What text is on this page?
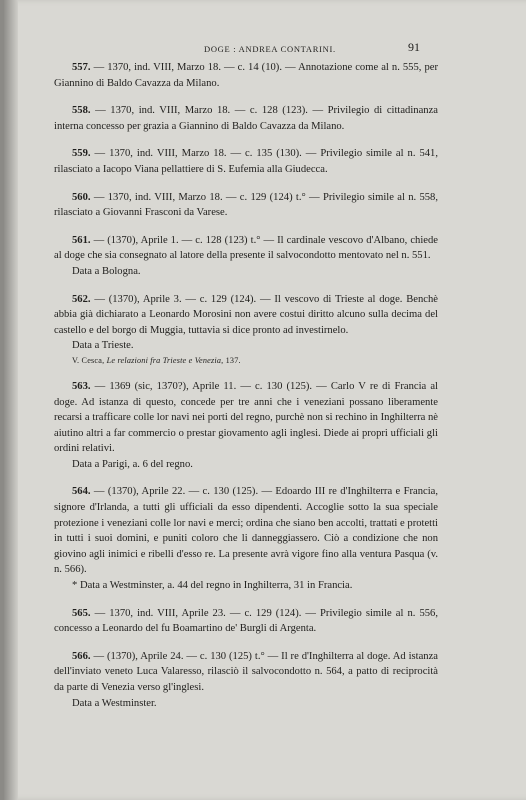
DOGE : ANDREA CONTARINI.	91

557. — 1370, ind. VIII, Marzo 18. — c. 14 (10). — Annotazione come al n. 555, per Giannino di Baldo Cavazza da Milano.

558. — 1370, ind. VIII, Marzo 18. — c. 128 (123). — Privilegio di cittadinanza interna concesso per grazia a Giannino di Baldo Cavazza da Milano.

559. — 1370, ind. VIII, Marzo 18. — c. 135 (130). — Privilegio simile al n. 541, rilasciato a Iacopo Viana pellattiere di S. Eufemia alla Giudecca.

560. — 1370, ind. VIII, Marzo 18. — c. 129 (124) t.° — Privilegio simile al n. 558, rilasciato a Giovanni Frasconi da Varese.

561. — (1370), Aprile 1. — c. 128 (123) t.° — Il cardinale vescovo d'Albano, chiede al doge che sia consegnato al latore della presente il salvocondotto mentovato nel n. 551.

Data a Bologna.

562. — (1370), Aprile 3. — c. 129 (124). — Il vescovo di Trieste al doge. Benchè abbia già dichiarato a Leonardo Morosini non avere costui diritto alcuno sulla decima del castello e del borgo di Muggia, tuttavia si dice pronto ad investirnelo.

Data a Trieste.

V. Cesca, Le relazioni fra Trieste e Venezia, 137.

563. — 1369 (sic, 1370?), Aprile 11. — c. 130 (125). — Carlo V re di Francia al doge. Ad istanza di questo, concede per tre anni che i veneziani possano liberamente recarsi a trafficare colle lor navi nei porti del regno, purchè non si rechino in Inghilterra nè aiutino altri a far commercio o prestar giovamento agli inglesi. Diede ai propri ufficiali gli ordini relativi.

Data a Parigi, a. 6 del regno.

564. — (1370), Aprile 22. — c. 130 (125). — Edoardo III re d'Inghilterra e Francia, signore d'Irlanda, a tutti gli ufficiali da esso dipendenti. Accoglie sotto la sua speciale protezione i veneziani colle lor navi e merci; ordina che siano ben accolti, trattati e protetti in tutti i suoi domini, e puniti coloro che li danneggiassero. Ciò a condizione che non giovino agli inimici e ribelli d'esso re. La presente avrà vigore fino alla ventura Pasqua (v. n. 566).

* Data a Westminster, a. 44 del regno in Inghilterra, 31 in Francia.

565. — 1370, ind. VIII, Aprile 23. — c. 129 (124). — Privilegio simile al n. 556, concesso a Leonardo del fu Boamartino de' Burgli di Argenta.

566. — (1370), Aprile 24. — c. 130 (125) t.° — Il re d'Inghilterra al doge. Ad istanza dell'inviato veneto Luca Valaresso, rilasciò il salvocondotto n. 564, a patto di reciprocità da parte di Venezia verso gl'inglesi.

Data a Westminster.
